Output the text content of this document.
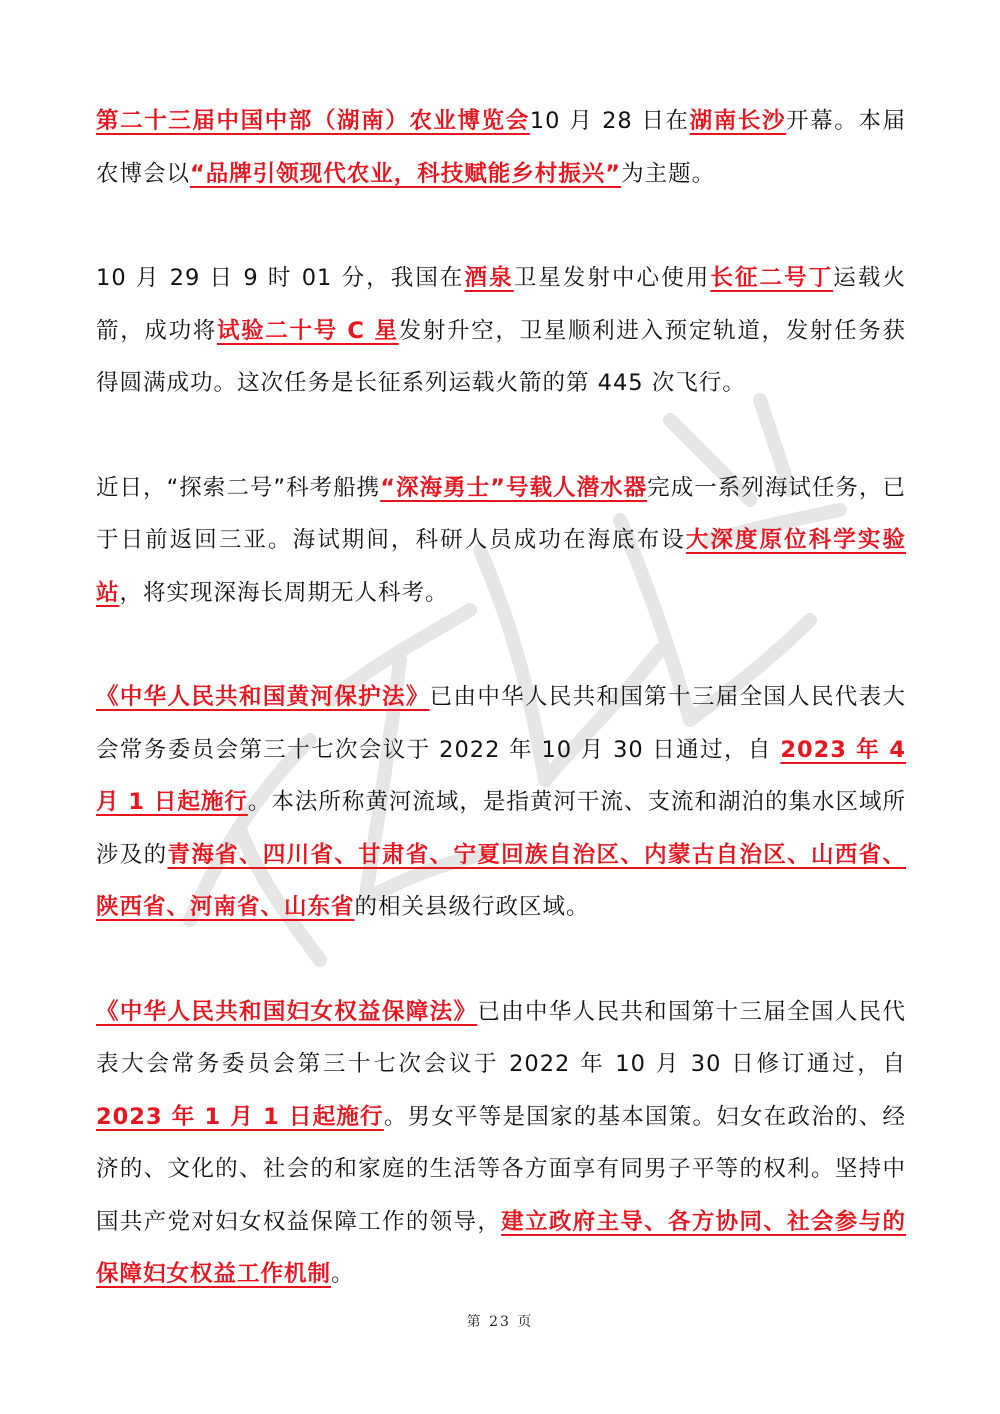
第二十三届中国中部（湖南）农业博览会10 月 28 日在湖南长沙开幕。本届农博会以“品牌引领现代农业，科技赋能乡村振兴”为主题。

10 月 29 日 9 时 01 分，我国在酒泉卫星发射中心使用长征二号丁运载火箭，成功将试验二十号 C 星发射升空，卫星顺利进入预定轨道，发射任务获得圆满成功。这次任务是长征系列运载火箭的第 445 次飞行。

近日，“探索二号”科考船携“深海勇士”号载人潜水器完成一系列海试任务，已于日前返回三亚。海试期间，科研人员成功在海底布设大深度原位科学实验站，将实现深海长周期无人科考。

《中华人民共和国黄河保护法》已由中华人民共和国第十三届全国人民代表大会常务委员会第三十七次会议于 2022 年 10 月 30 日通过，自 2023 年 4 月 1 日起施行。本法所称黄河流域，是指黄河干流、支流和湖泊的集水区域所涉及的青海省、四川省、甘肃省、宁夏回族自治区、内蒙古自治区、山西省、陕西省、河南省、山东省的相关县级行政区域。

《中华人民共和国妇女权益保障法》已由中华人民共和国第十三届全国人民代表大会常务委员会第三十七次会议于 2022 年 10 月 30 日修订通过，自 2023 年 1 月 1 日起施行。男女平等是国家的基本国策。妇女在政治的、经济的、文化的、社会的和家庭的生活等各方面享有同男子平等的权利。坚持中国共产党对妇女权益保障工作的领导，建立政府主导、各方协同、社会参与的保障妇女权益工作机制。

第 23 页
